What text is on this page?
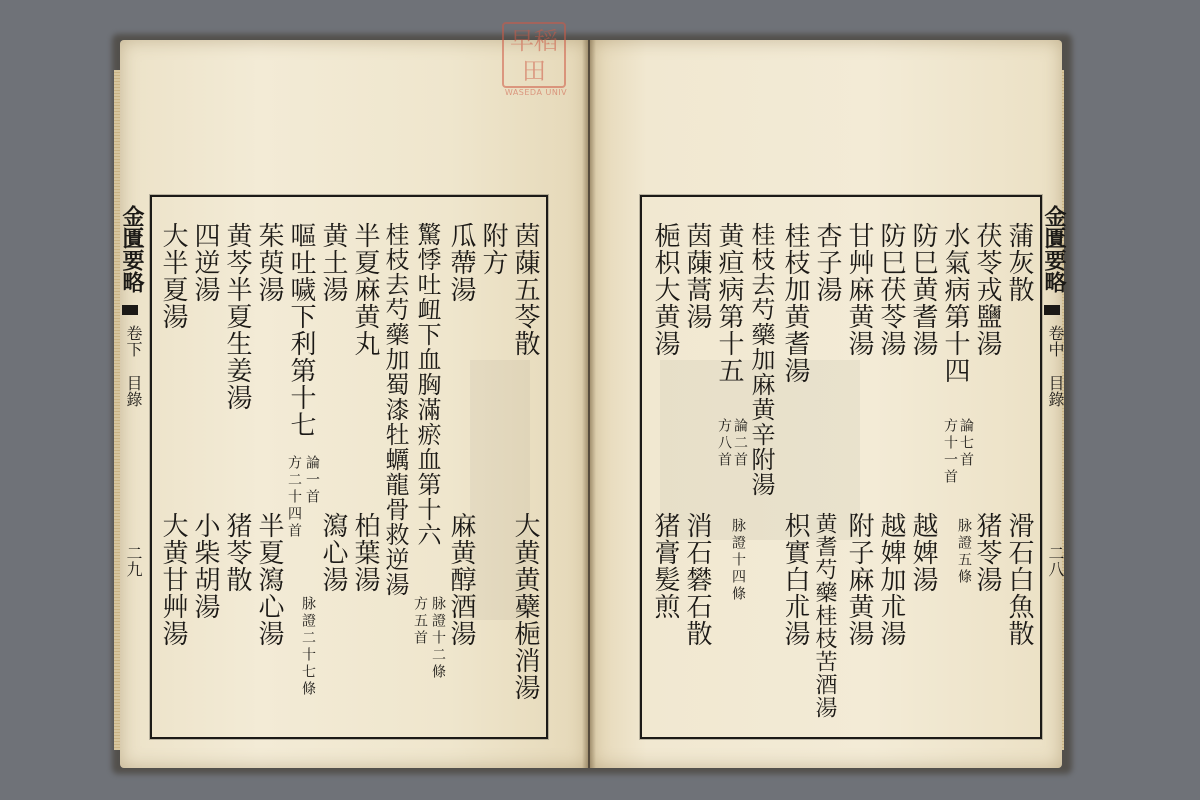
早稻田
WASEDA UNIV
金匱要略
卷下
目錄
二九
金匱要略
卷中
目錄
二八
蒲灰散
滑石白魚散
茯苓戎鹽湯
猪苓湯
水氣病第十四
論七首
方十一首
脉證五條
防巳黄耆湯
越婢湯
防巳茯苓湯
越婢加朮湯
甘艸麻黄湯
附子麻黄湯
杏子湯
黄耆芍藥桂枝苦酒湯
桂枝加黄耆湯
枳實白朮湯
桂枝去芍藥加麻黄辛附湯
黄疸病第十五
論二首
方八首
脉證十四條
茵蔯蒿湯
消石礬石散
梔枳大黄湯
猪膏髪煎
茵蔯五苓散
大黄黄蘗梔消湯
附方
瓜蔕湯
麻黄醇酒湯
驚悸吐衄下血胸滿瘀血第十六
脉證十二條
方五首
桂枝去芍藥加蜀漆牡蠣龍骨救逆湯
半夏麻黄丸
柏葉湯
黄土湯
瀉心湯
嘔吐噦下利第十七
論一首
方二十四首
脉證二十七條
茱萸湯
半夏瀉心湯
黄芩半夏生姜湯
猪苓散
四逆湯
小柴胡湯
大半夏湯
大黄甘艸湯
